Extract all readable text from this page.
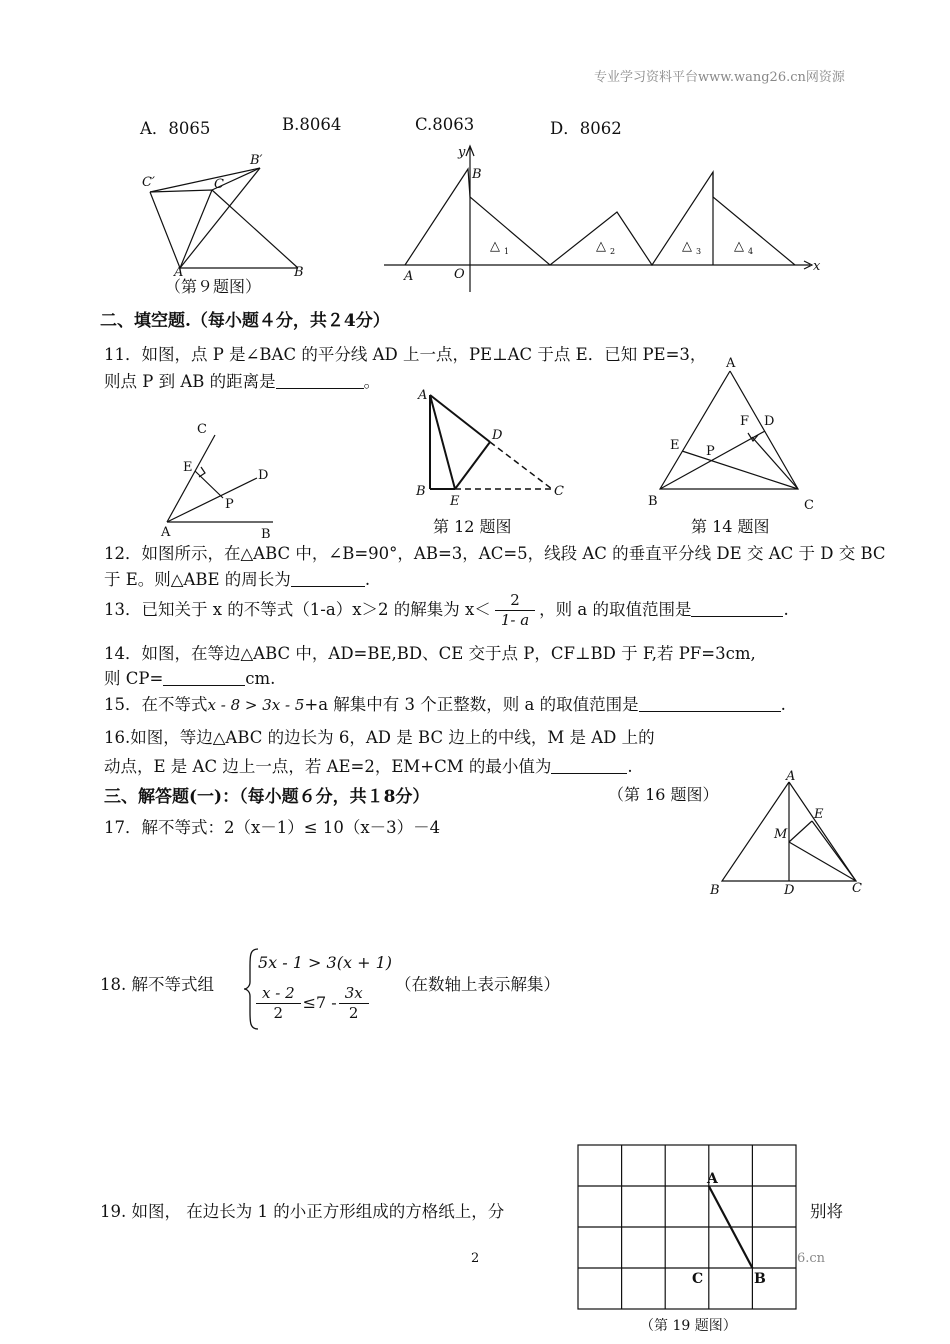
专业学习资料平台www.wang26.cn网资源
A．8065	B.8064	C.8063	D．8062
C′
B′
C
A	B
（第９题图）
y
x
B
A	O
△ 1	△ 2	△ 3	△ 4
二、填空题.（每小题４分，共２4分）
11．如图，点 P 是∠BAC 的平分线 AD 上一点，PE⊥AC 于点 E．已知 PE=3，
则点 P 到 AB 的距离是	。
C
E
D
P
A	B
A
D
B
E
C
第 12 题图
A
F D
E P
B	C
第 14 题图
12．如图所示，在△ABC 中，∠B=90°，AB=3，AC=5，线段 AC 的垂直平分线 DE 交 AC 于 D 交 BC
于 E。则△ABE 的周长为	.
13．已知关于 x 的不等式（1-a）x＞2 的解集为 $x< \frac{2}{1- a}$ ，则 a 的取值范围是	.
14．如图，在等边△ABC 中，AD=BE,BD、CE 交于点 P，CF⊥BD 于 F,若 PF=3cm,
则 CP=	cm.
15．在不等式x - 8 > 3x - 5+a 解集中有 3 个正整数，则 a 的取值范围是	.
16.如图，等边△ABC 的边长为 6，AD 是 BC 边上的中线，M 是 AD 上的
动点，E 是 AC 边上一点，若 AE=2，EM+CM 的最小值为	.
三、解答题(一)：（每小题６分，共１8分）	（第 16 题图）
A
E
M
B	D	C
17．解不等式：2（x－1）≤ 10（x－3）－4
18. 解不等式组
5x - 1 > 3(x + 1)
$\frac{x - 2}{2} \le 7 - \frac{3x}{2}$ （在数轴上表示解集）
19. 如图， 在边长为 1 的小正方形组成的方格纸上，分	别将
A
C	B
（第 19 题图）
2	6.cn
